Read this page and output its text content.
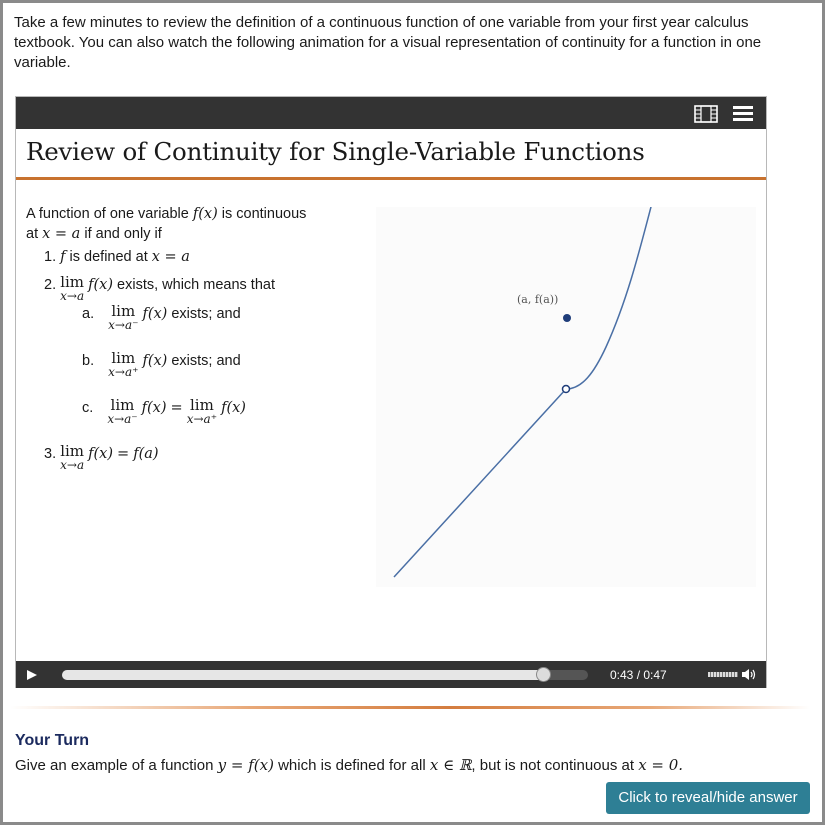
Take a few minutes to review the definition of a continuous function of one variable from your first year calculus textbook. You can also watch the following animation for a visual representation of continuity for a function in one variable.

Review of Continuity for Single-Variable Functions
A function of one variable f(x) is continuous
at x = a if and only if
1. f is defined at x = a
2. lim
x→a
f(x) exists, which means that
a. lim
x→a⁻
f(x) exists; and
b. lim
x→a⁺
f(x) exists; and
c. lim
x→a⁻
f(x) = lim
x→a⁺
f(x)
3. lim
x→a
f(x) = f(a)
(a, f(a))
0:43 / 0:47
Your Turn

Give an example of a function y = f(x) which is defined for all x ∈ ℝ, but is not continuous at x = 0.

Click to reveal/hide answer
